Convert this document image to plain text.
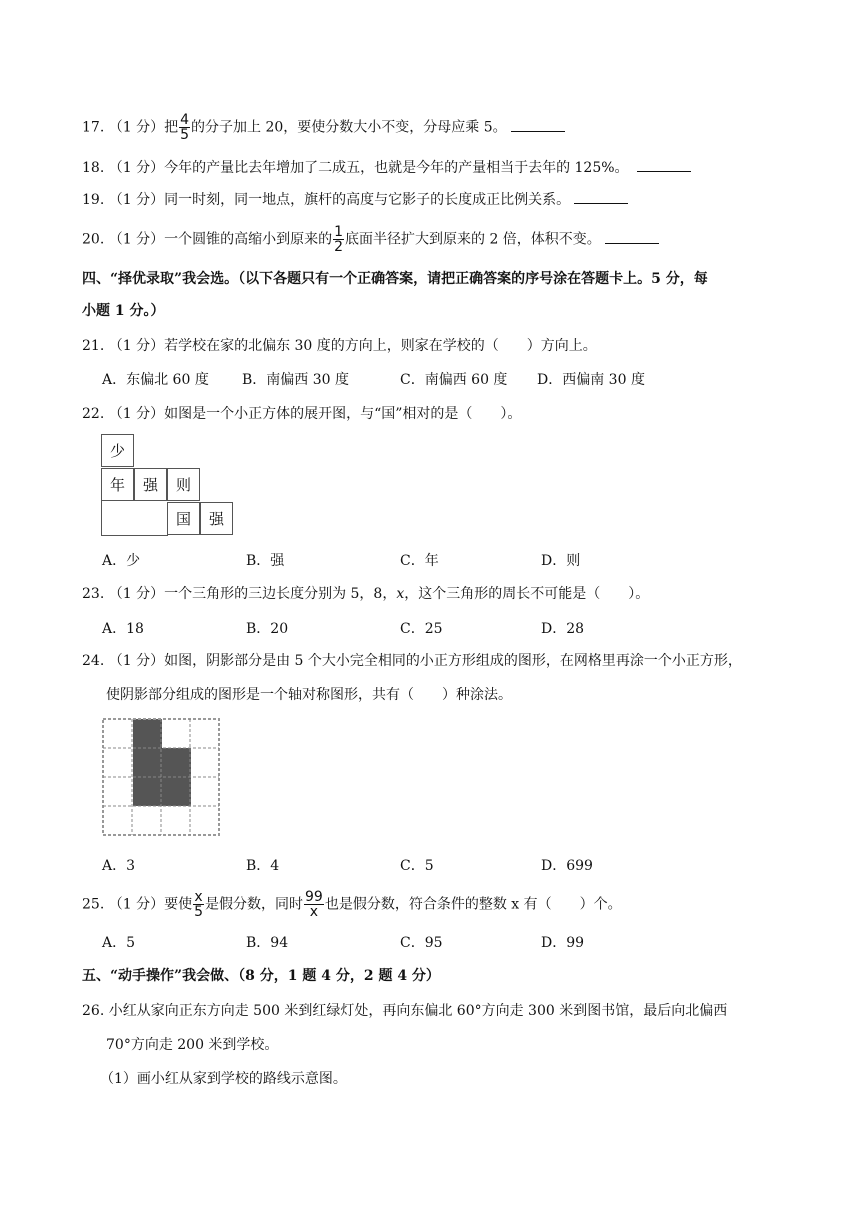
17. （1 分）把 $\frac{4}{5}$ 的分子加上 20，要使分数大小不变，分母应乘 5。
18. （1 分）今年的产量比去年增加了二成五，也就是今年的产量相当于去年的 125%。
19. （1 分）同一时刻，同一地点，旗杆的高度与它影子的长度成正比例关系。
20. （1 分）一个圆锥的高缩小到原来的 $\frac{1}{2}$ 底面半径扩大到原来的 2 倍，体积不变。
四、“择优录取”我会选。（以下各题只有一个正确答案，请把正确答案的序号涂在答题卡上。5 分，每
小题 1 分。）
21. （1 分）若学校在家的北偏东 30 度的方向上，则家在学校的（　　）方向上。
A．东偏北 60 度 B．南偏西 30 度	C．南偏西 60 度 D．西偏南 30 度
22. （1 分）如图是一个小正方体的展开图，与“国”相对的是（　　）。
少
年	强	则
国	强
A．少	B．强	C．年	D．则
23. （1 分）一个三角形的三边长度分别为 5，8，x，这个三角形的周长不可能是（　　）。
A．18	B．20	C．25	D．28
24. （1 分）如图，阴影部分是由 5 个大小完全相同的小正方形组成的图形，在网格里再涂一个小正方形，
使阴影部分组成的图形是一个轴对称图形，共有（　　）种涂法。
A．3	B．4	C．5	D．699
25. （1 分）要使 $\frac{x}{5}$ 是假分数，同时 $\frac{99}{x}$ 也是假分数，符合条件的整数 x 有（　　）个。
A．5	B．94	C．95	D．99
五、“动手操作”我会做、（8 分，1 题 4 分，2 题 4 分）
26. 小红从家向正东方向走 500 米到红绿灯处，再向东偏北 60°方向走 300 米到图书馆，最后向北偏西
70°方向走 200 米到学校。
（1）画小红从家到学校的路线示意图。
